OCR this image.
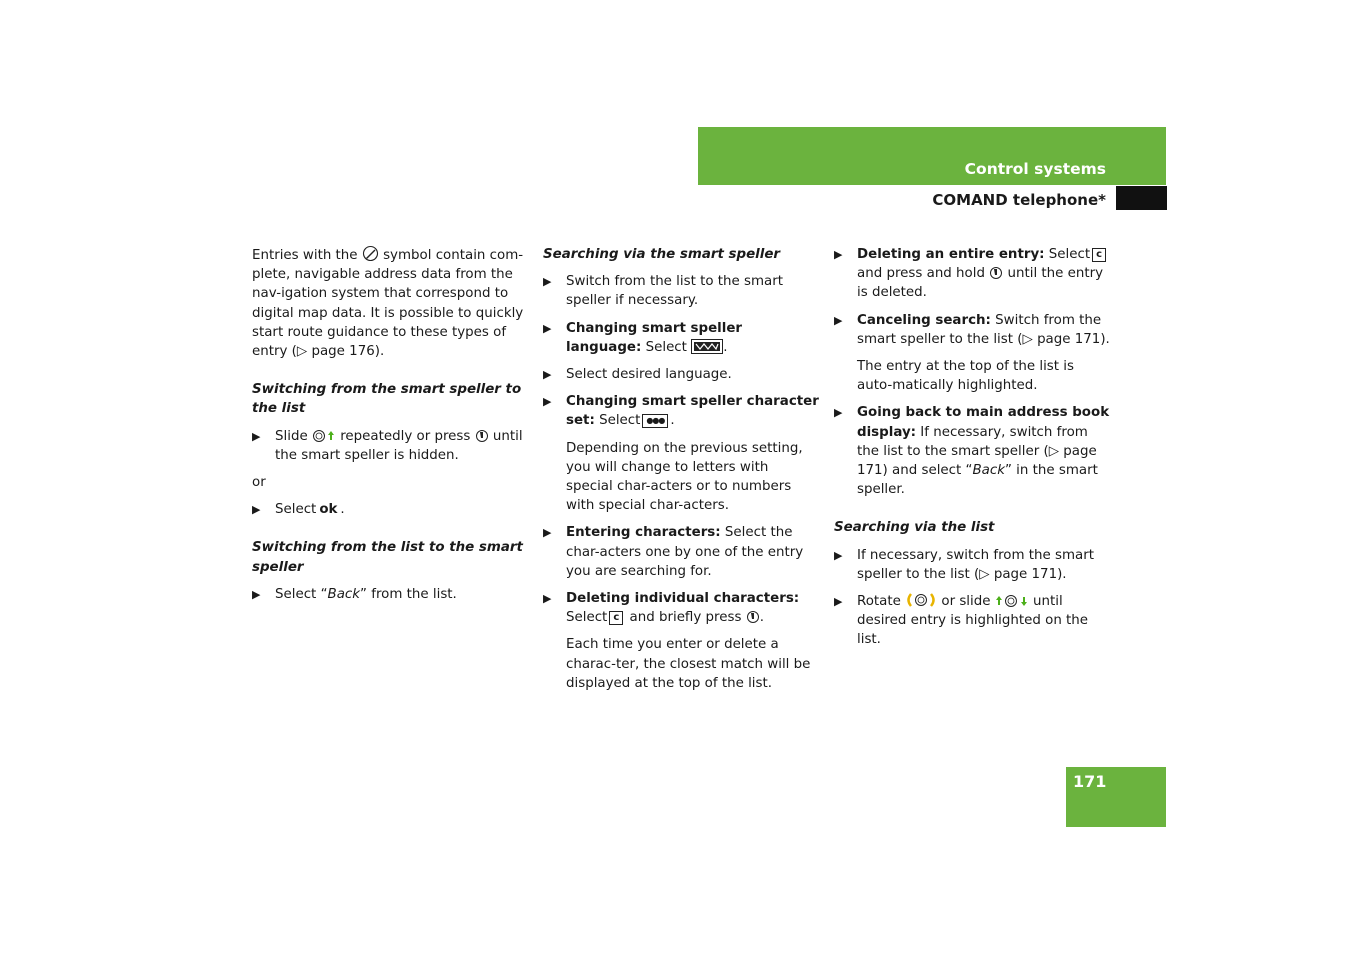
Control systems
COMAND telephone*

Entries with the symbol contain com-plete, navigable address data from the nav-igation system that correspond to digital map data. It is possible to quickly start route guidance to these types of entry (▷ page 176).

Switching from the smart speller to the list

▶ Slide repeatedly or press until the smart speller is hidden.

or

▶ Select ok .

Switching from the list to the smart speller

▶ Select “Back” from the list.

Searching via the smart speller

▶ Switch from the list to the smart speller if necessary.
▶ Changing smart speller language: Select	.
▶ Select desired language.
▶ Changing smart speller character set: Select ●●● .

Depending on the previous setting, you will change to letters with special char-acters or to numbers with special char-acters.

▶ Entering characters: Select the char-acters one by one of the entry you are searching for.
▶ Deleting individual characters:
Select c and briefly press .

Each time you enter or delete a charac-ter, the closest match will be displayed at the top of the list.

▶ Deleting an entire entry: Select c and press and hold until the entry is deleted.
▶ Canceling search: Switch from the smart speller to the list (▷ page 171).

The entry at the top of the list is auto-matically highlighted.

▶ Going back to main address book display: If necessary, switch from the list to the smart speller (▷ page 171) and select “Back” in the smart speller.

Searching via the list

▶ If necessary, switch from the smart speller to the list (▷ page 171).
▶ Rotate	or slide	until desired entry is highlighted on the list.
171
